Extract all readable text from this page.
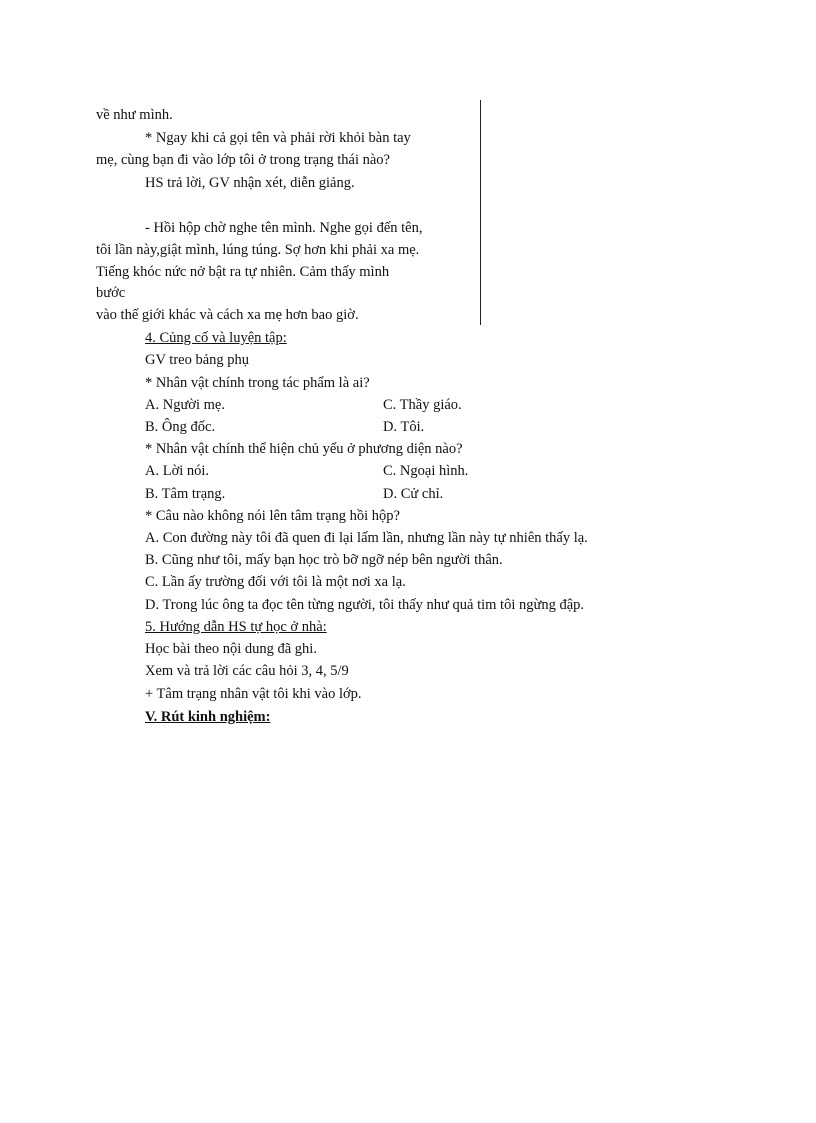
về như mình.
* Ngay khi cả gọi tên và phải rời khỏi bàn tay
mẹ, cùng bạn đi vào lớp tôi ở trong trạng thái nào?
HS trả lời, GV nhận xét, diễn giảng.
- Hồi hộp chờ nghe tên mình. Nghe gọi đến tên,
tôi lần này,giật mình, lúng túng. Sợ hơn khi phải xa mẹ.
Tiếng khóc nức nở bật ra tự nhiên. Cảm thấy mình
bước
vào thế giới khác và cách xa mẹ hơn bao giờ.
4. Củng cố và luyện tập:
GV treo bảng phụ
* Nhân vật chính trong tác phẩm là ai?
A. Người mẹ.	C. Thầy giáo.
B. Ông đốc.	D. Tôi.
* Nhân vật chính thể hiện chủ yếu ở phương diện nào?
A. Lời nói.	C. Ngoại hình.
B. Tâm trạng.	D. Cử chỉ.
* Câu nào không nói lên tâm trạng hồi hộp?
A. Con đường này tôi đã quen đi lại lấm lần, nhưng lần này tự nhiên thấy lạ.
B. Cũng như tôi, mấy bạn học trò bỡ ngỡ nép bên người thân.
C. Lần ấy trường đối với tôi là một nơi xa lạ.
D. Trong lúc ông ta đọc tên từng người, tôi thấy như quả tim tôi ngừng đập.
5. Hướng dẫn HS tự học ở nhà:
Học bài theo nội dung đã ghi.
Xem và trả lời các câu hỏi 3, 4, 5/9
+ Tâm trạng nhân vật tôi khi vào lớp.
V. Rút kinh nghiệm:
